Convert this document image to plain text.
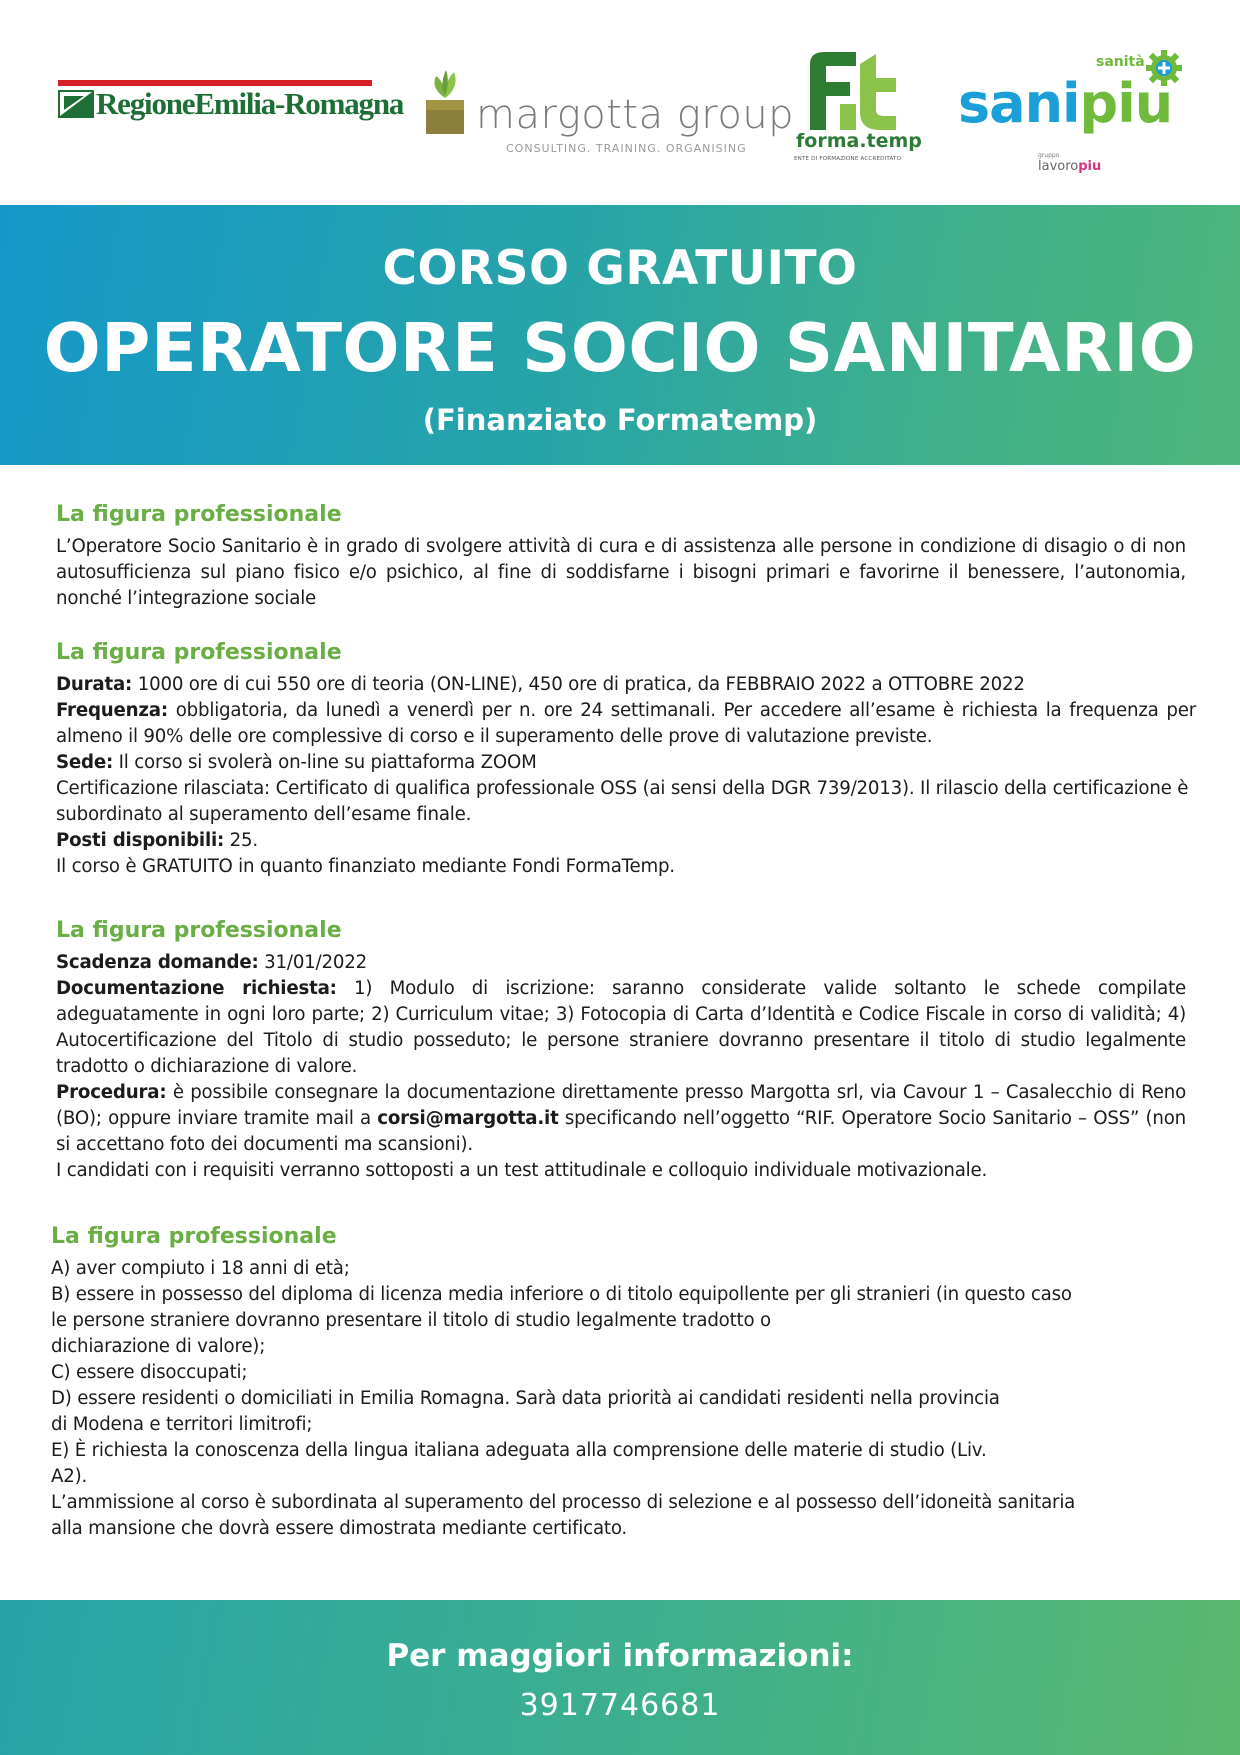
RegioneEmilia-Romagna margotta group
CONSULTING. TRAINING. ORGANISING	forma.temp
ENTE DI FORMAZIONE ACCREDITATO
sanità
sanipiu
gruppo
lavoropiu
CORSO GRATUITO
OPERATORE SOCIO SANITARIO
(Finanziato Formatemp)
La figura professionale
L’Operatore Socio Sanitario è in grado di svolgere attività di cura e di assistenza alle persone in condizione di disagio o di non autosufficienza sul piano fisico e/o psichico, al fine di soddisfarne i bisogni primari e favorirne il benessere, l’autonomia, nonché l’integrazione sociale
La figura professionale
Durata: 1000 ore di cui 550 ore di teoria (ON-LINE), 450 ore di pratica, da FEBBRAIO 2022 a OTTOBRE 2022
Frequenza: obbligatoria, da lunedì a venerdì per n. ore 24 settimanali. Per accedere all’esame è richiesta la frequenza per almeno il 90% delle ore complessive di corso e il superamento delle prove di valutazione previste.
Sede: Il corso si svolerà on-line su piattaforma ZOOM
Certificazione rilasciata: Certificato di qualifica professionale OSS (ai sensi della DGR 739/2013). Il rilascio della certificazione è subordinato al superamento dell’esame finale.
Posti disponibili: 25.
Il corso è GRATUITO in quanto finanziato mediante Fondi FormaTemp.
La figura professionale
Scadenza domande: 31/01/2022
Documentazione richiesta: 1) Modulo di iscrizione: saranno considerate valide soltanto le schede compilate adeguatamente in ogni loro parte; 2) Curriculum vitae; 3) Fotocopia di Carta d’Identità e Codice Fiscale in corso di validità; 4) Autocertificazione del Titolo di studio posseduto; le persone straniere dovranno presentare il titolo di studio legalmente tradotto o dichiarazione di valore.
Procedura: è possibile consegnare la documentazione direttamente presso Margotta srl, via Cavour 1 – Casalecchio di Reno (BO); oppure inviare tramite mail a corsi@margotta.it specificando nell’oggetto “RIF. Operatore Socio Sanitario – OSS” (non si accettano foto dei documenti ma scansioni).
I candidati con i requisiti verranno sottoposti a un test attitudinale e colloquio individuale motivazionale.
La figura professionale
A) aver compiuto i 18 anni di età;
B) essere in possesso del diploma di licenza media inferiore o di titolo equipollente per gli stranieri (in questo caso
le persone straniere dovranno presentare il titolo di studio legalmente tradotto o
dichiarazione di valore);
C) essere disoccupati;
D) essere residenti o domiciliati in Emilia Romagna. Sarà data priorità ai candidati residenti nella provincia
di Modena e territori limitrofi;
E) È richiesta la conoscenza della lingua italiana adeguata alla comprensione delle materie di studio (Liv.
A2).
L’ammissione al corso è subordinata al superamento del processo di selezione e al possesso dell’idoneità sanitaria
alla mansione che dovrà essere dimostrata mediante certificato.
Per maggiori informazioni:
3917746681
